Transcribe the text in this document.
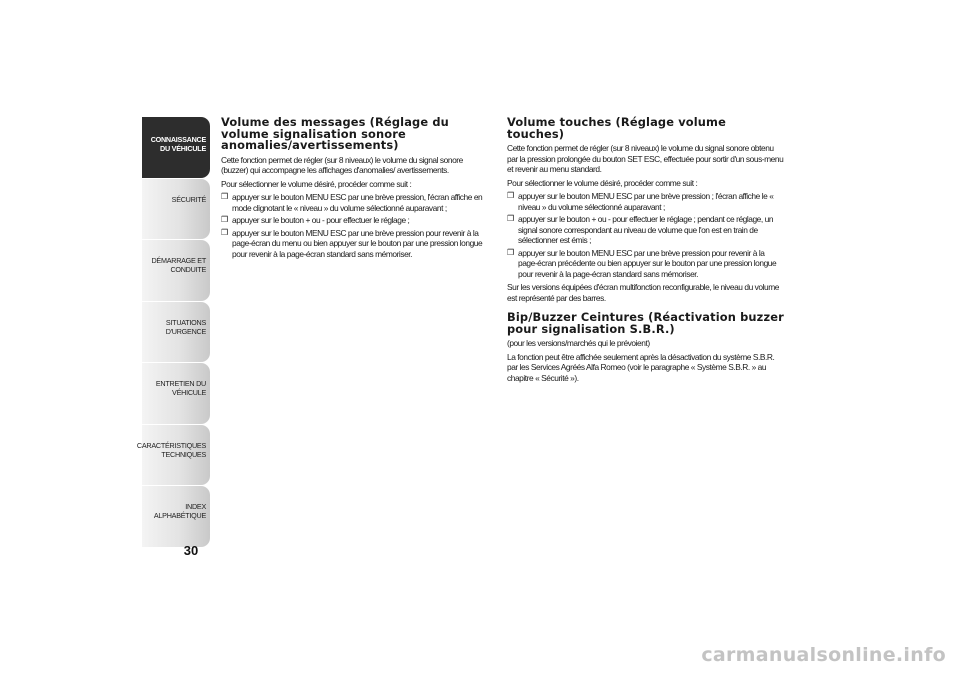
CONNAISSANCE
DU VÉHICULE
SÉCURITÉ
DÉMARRAGE ET
CONDUITE
SITUATIONS
D'URGENCE
ENTRETIEN DU
VÉHICULE
CARACTÉRISTIQUES
TECHNIQUES
INDEX
ALPHABÉTIQUE
30
Volume des messages (Réglage du volume signalisation sonore anomalies/avertissements)

Cette fonction permet de régler (sur 8 niveaux) le volume du signal sonore (buzzer) qui accompagne les affichages d'anomalies/ avertissements.

Pour sélectionner le volume désiré, procéder comme suit :

❒ appuyer sur le bouton MENU ESC par une brève pression, l'écran affiche en mode clignotant le « niveau » du volume sélectionné auparavant ;
❒ appuyer sur le bouton + ou - pour effectuer le réglage ;
❒ appuyer sur le bouton MENU ESC par une brève pression pour revenir à la page-écran du menu ou bien appuyer sur le bouton par une pression longue pour revenir à la page-écran standard sans mémoriser.
Volume touches (Réglage volume touches)

Cette fonction permet de régler (sur 8 niveaux) le volume du signal sonore obtenu par la pression prolongée du bouton SET ESC, effectuée pour sortir d'un sous-menu et revenir au menu standard.

Pour sélectionner le volume désiré, procéder comme suit :

❒ appuyer sur le bouton MENU ESC par une brève pression ; l'écran affiche le « niveau » du volume sélectionné auparavant ;
❒ appuyer sur le bouton + ou - pour effectuer le réglage ; pendant ce réglage, un signal sonore correspondant au niveau de volume que l'on est en train de sélectionner est émis ;
❒ appuyer sur le bouton MENU ESC par une brève pression pour revenir à la page-écran précédente ou bien appuyer sur le bouton par une pression longue pour revenir à la page-écran standard sans mémoriser.

Sur les versions équipées d'écran multifonction reconfigurable, le niveau du volume est représenté par des barres.

Bip/Buzzer Ceintures (Réactivation buzzer pour signalisation S.B.R.)

(pour les versions/marchés qui le prévoient)

La fonction peut être affichée seulement après la désactivation du système S.B.R. par les Services Agréés Alfa Romeo (voir le paragraphe « Système S.B.R. » au chapitre « Sécurité »).

carmanualsonline.info
